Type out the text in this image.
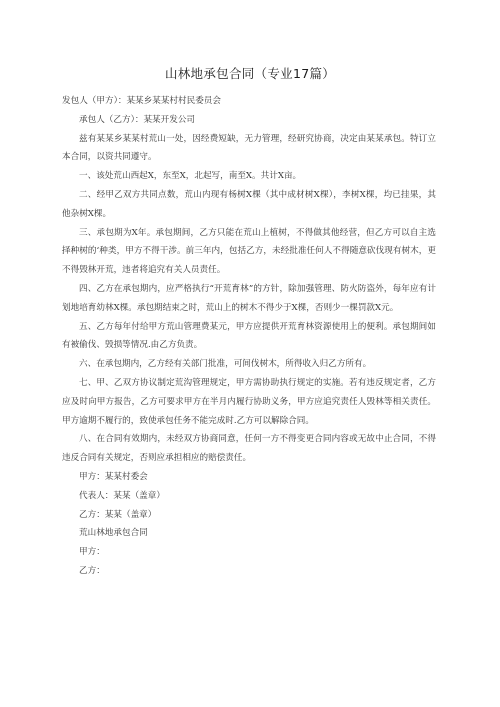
山林地承包合同（专业17篇）

发包人（甲方）：某某乡某某村村民委员会

承包人（乙方）：某某开发公司

兹有某某乡某某村荒山一处，因经费短缺，无力管理，经研究协商，决定由某某承包。特订立本合同，以资共同遵守。

一、该处荒山西起X，东至X，北起写，南至X。共计X亩。

二、经甲乙双方共同点数，荒山内现有杨树X棵（其中成材树X棵），李树X棵，均已挂果，其他杂树X棵。

三、承包期为X年。承包期间，乙方只能在荒山上植树，不得做其他经营，但乙方可以自主选择种树的‘种类，甲方不得干涉。前三年内，包括乙方，未经批准任何人不得随意砍伐现有树木，更不得毁林开荒，违者将追究有关人员责任。

四、乙方在承包期内，应严格执行“开荒育林”的方针，除加强管理、防火防盗外，每年应有计划地培育幼林X棵。承包期结束之时，荒山上的树木不得少于X棵，否则少一棵罚款X元。

五、乙方每年付给甲方荒山管理费某元，甲方应提供开荒育林资源使用上的便利。承包期间如有被偷伐、毁损等情况.由乙方负责。

六、在承包期内，乙方经有关部门批准，可间伐树木，所得收入归乙方所有。

七、甲、乙双方协议制定荒沟管理规定，甲方需协助执行规定的实施。若有违反规定者，乙方应及时向甲方报告，乙方可要求甲方在半月内履行协助义务，甲方应追究责任人毁林等相关责任。甲方逾期不履行的，致使承包任务不能完成时.乙方可以解除合同。

八、在合同有效期内，未经双方协商同意，任何一方不得变更合同内容或无故中止合同，不得违反合同有关规定，否则应承担相应的赔偿责任。

甲方：某某村委会

代表人：某某（盖章）

乙方：某某（盖章）

荒山林地承包合同

甲方：

乙方：
